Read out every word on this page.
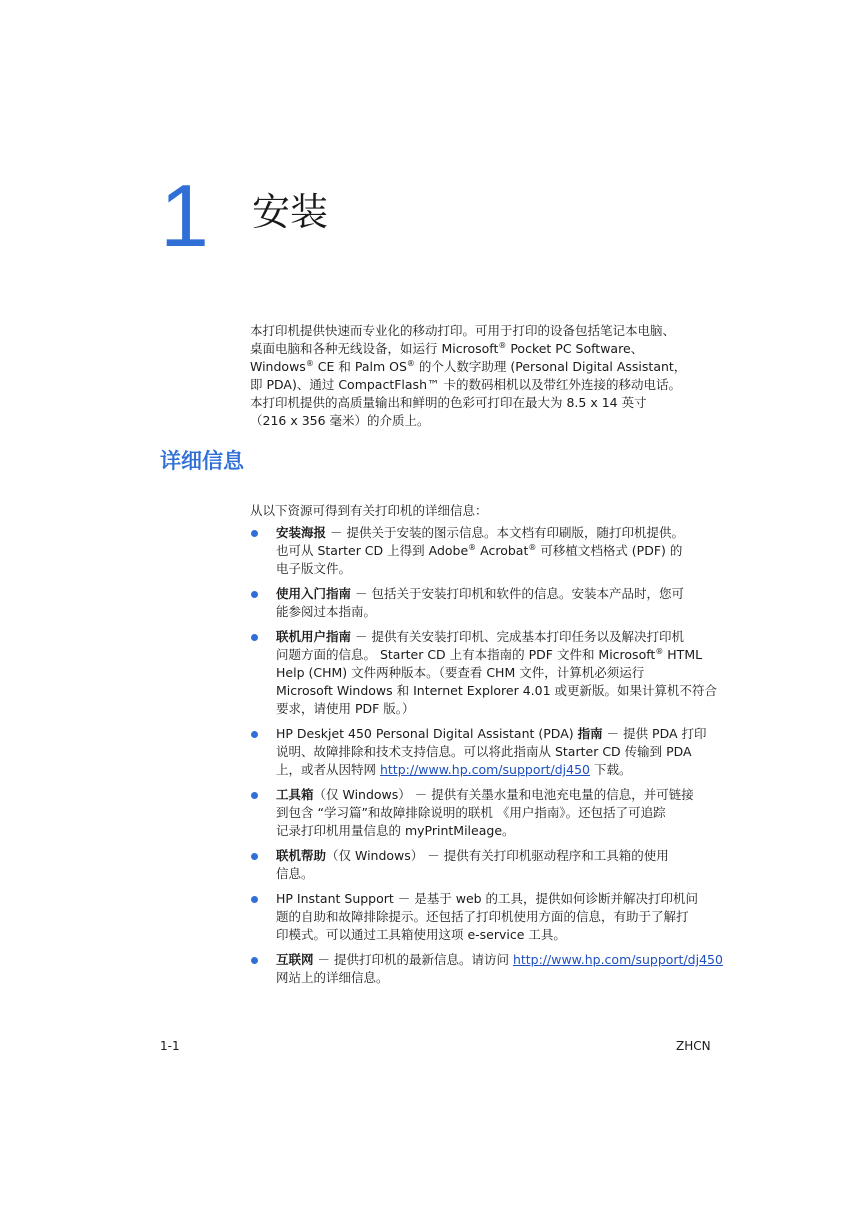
1 安装

本打印机提供快速而专业化的移动打印。可用于打印的设备包括笔记本电脑、

桌面电脑和各种无线设备，如运行 Microsoft® Pocket PC Software、

Windows® CE 和 Palm OS® 的个人数字助理 (Personal Digital Assistant，

即 PDA)、通过 CompactFlash™ 卡的数码相机以及带红外连接的移动电话。

本打印机提供的高质量输出和鲜明的色彩可打印在最大为 8.5 x 14 英寸

（216 x 356 毫米）的介质上。

详细信息

从以下资源可得到有关打印机的详细信息：

安装海报 － 提供关于安装的图示信息。本文档有印刷版，随打印机提供。
也可从 Starter CD 上得到 Adobe® Acrobat® 可移植文档格式 (PDF) 的
电子版文件。
使用入门指南 － 包括关于安装打印机和软件的信息。安装本产品时，您可
能参阅过本指南。
联机用户指南 － 提供有关安装打印机、完成基本打印任务以及解决打印机
问题方面的信息。 Starter CD 上有本指南的 PDF 文件和 Microsoft® HTML
Help (CHM) 文件两种版本。（要查看 CHM 文件，计算机必须运行
Microsoft Windows 和 Internet Explorer 4.01 或更新版。如果计算机不符合
要求，请使用 PDF 版。）
HP Deskjet 450 Personal Digital Assistant (PDA) 指南 － 提供 PDA 打印
说明、故障排除和技术支持信息。可以将此指南从 Starter CD 传输到 PDA
上，或者从因特网 http://www.hp.com/support/dj450 下载。
工具箱（仅 Windows） － 提供有关墨水量和电池充电量的信息，并可链接
到包含 “学习篇”和故障排除说明的联机 《用户指南》。还包括了可追踪
记录打印机用量信息的 myPrintMileage。
联机帮助（仅 Windows） － 提供有关打印机驱动程序和工具箱的使用
信息。
HP Instant Support － 是基于 web 的工具，提供如何诊断并解决打印机问
题的自助和故障排除提示。还包括了打印机使用方面的信息，有助于了解打
印模式。可以通过工具箱使用这项 e-service 工具。
互联网 － 提供打印机的最新信息。请访问 http://www.hp.com/support/dj450
网站上的详细信息。
1-1	ZHCN
